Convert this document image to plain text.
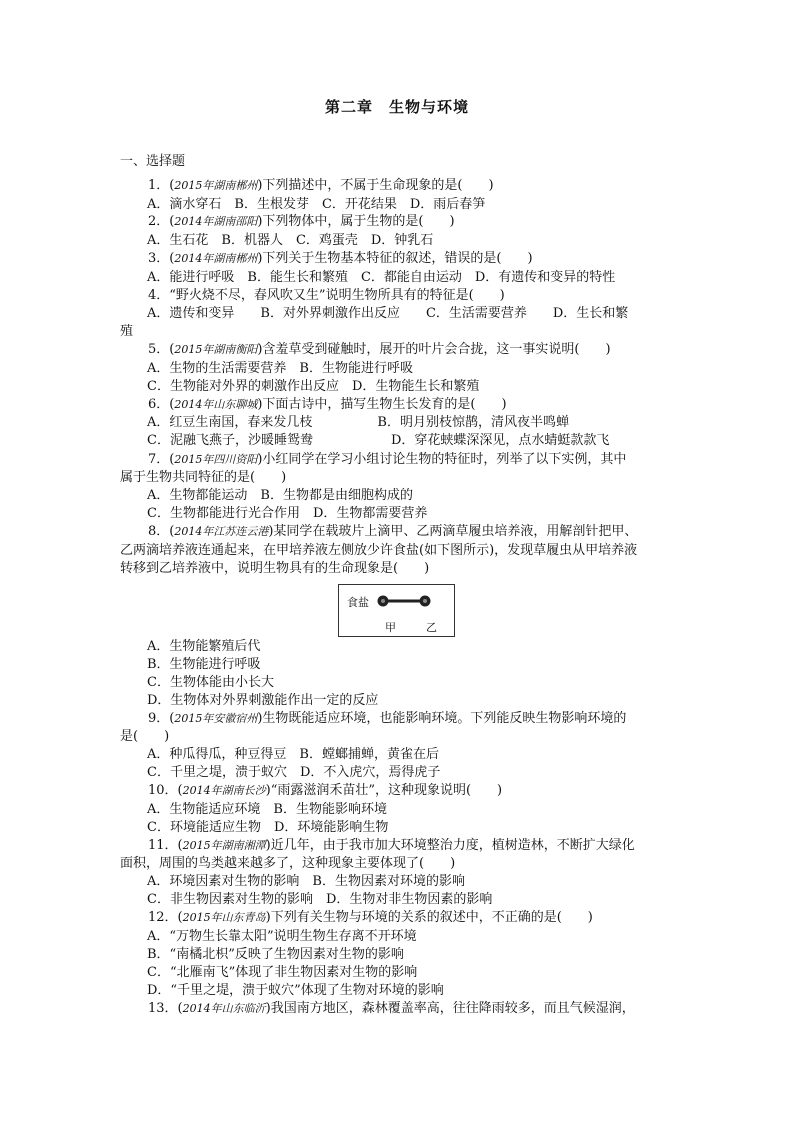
第二章　生物与环境
一、选择题
1．(2015年湖南郴州)下列描述中，不属于生命现象的是(　　)
A．滴水穿石　B．生根发芽　C．开花结果　D．雨后春笋
2．(2014年湖南邵阳)下列物体中，属于生物的是(　　)
A．生石花　B．机器人　C．鸡蛋壳　D．钟乳石
3．(2014年湖南郴州)下列关于生物基本特征的叙述，错误的是(　　)
A．能进行呼吸　B．能生长和繁殖　C．都能自由运动　D．有遗传和变异的特性
4．“野火烧不尽，春风吹又生”说明生物所具有的特征是(　　)
A．遗传和变异　　B．对外界刺激作出反应　　C．生活需要营养　　D．生长和繁
殖
5．(2015年湖南衡阳)含羞草受到碰触时，展开的叶片会合拢，这一事实说明(　　)
A．生物的生活需要营养　B．生物能进行呼吸
C．生物能对外界的刺激作出反应　D．生物能生长和繁殖
6．(2014年山东聊城)下面古诗中，描写生物生长发育的是(　　)
A．红豆生南国，春来发几枝　　　　　B．明月别枝惊鹊，清风夜半鸣蝉
C．泥融飞燕子，沙暖睡鸳鸯　　　　　　D．穿花蛱蝶深深见，点水蜻蜓款款飞
7．(2015年四川资阳)小红同学在学习小组讨论生物的特征时，列举了以下实例，其中
属于生物共同特征的是(　　)
A．生物都能运动　B．生物都是由细胞构成的
C．生物都能进行光合作用　D．生物都需要营养
8．(2014年江苏连云港)某同学在载玻片上滴甲、乙两滴草履虫培养液，用解剖针把甲、
乙两滴培养液连通起来，在甲培养液左侧放少许食盐(如下图所示)，发现草履虫从甲培养液
转移到乙培养液中，说明生物具有的生命现象是(　　)
A．生物能繁殖后代
B．生物能进行呼吸
C．生物体能由小长大
D．生物体对外界刺激能作出一定的反应
9．(2015年安徽宿州)生物既能适应环境，也能影响环境。下列能反映生物影响环境的
是(　　)
A．种瓜得瓜，种豆得豆　B．螳螂捕蝉，黄雀在后
C．千里之堤，溃于蚁穴　D．不入虎穴，焉得虎子
10．(2014年湖南长沙)“雨露滋润禾苗壮”，这种现象说明(　　)
A．生物能适应环境　B．生物能影响环境
C．环境能适应生物　D．环境能影响生物
11．(2015年湖南湘潭)近几年，由于我市加大环境整治力度，植树造林，不断扩大绿化
面积，周围的鸟类越来越多了，这种现象主要体现了(　　)
A．环境因素对生物的影响　B．生物因素对环境的影响
C．非生物因素对生物的影响　D．生物对非生物因素的影响
12．(2015年山东青岛)下列有关生物与环境的关系的叙述中，不正确的是(　　)
A．“万物生长靠太阳”说明生物生存离不开环境
B．“南橘北枳”反映了生物因素对生物的影响
C．“北雁南飞”体现了非生物因素对生物的影响
D．“千里之堤，溃于蚁穴”体现了生物对环境的影响
13．(2014年山东临沂)我国南方地区，森林覆盖率高，往往降雨较多，而且气候湿润，
食盐
甲	乙
